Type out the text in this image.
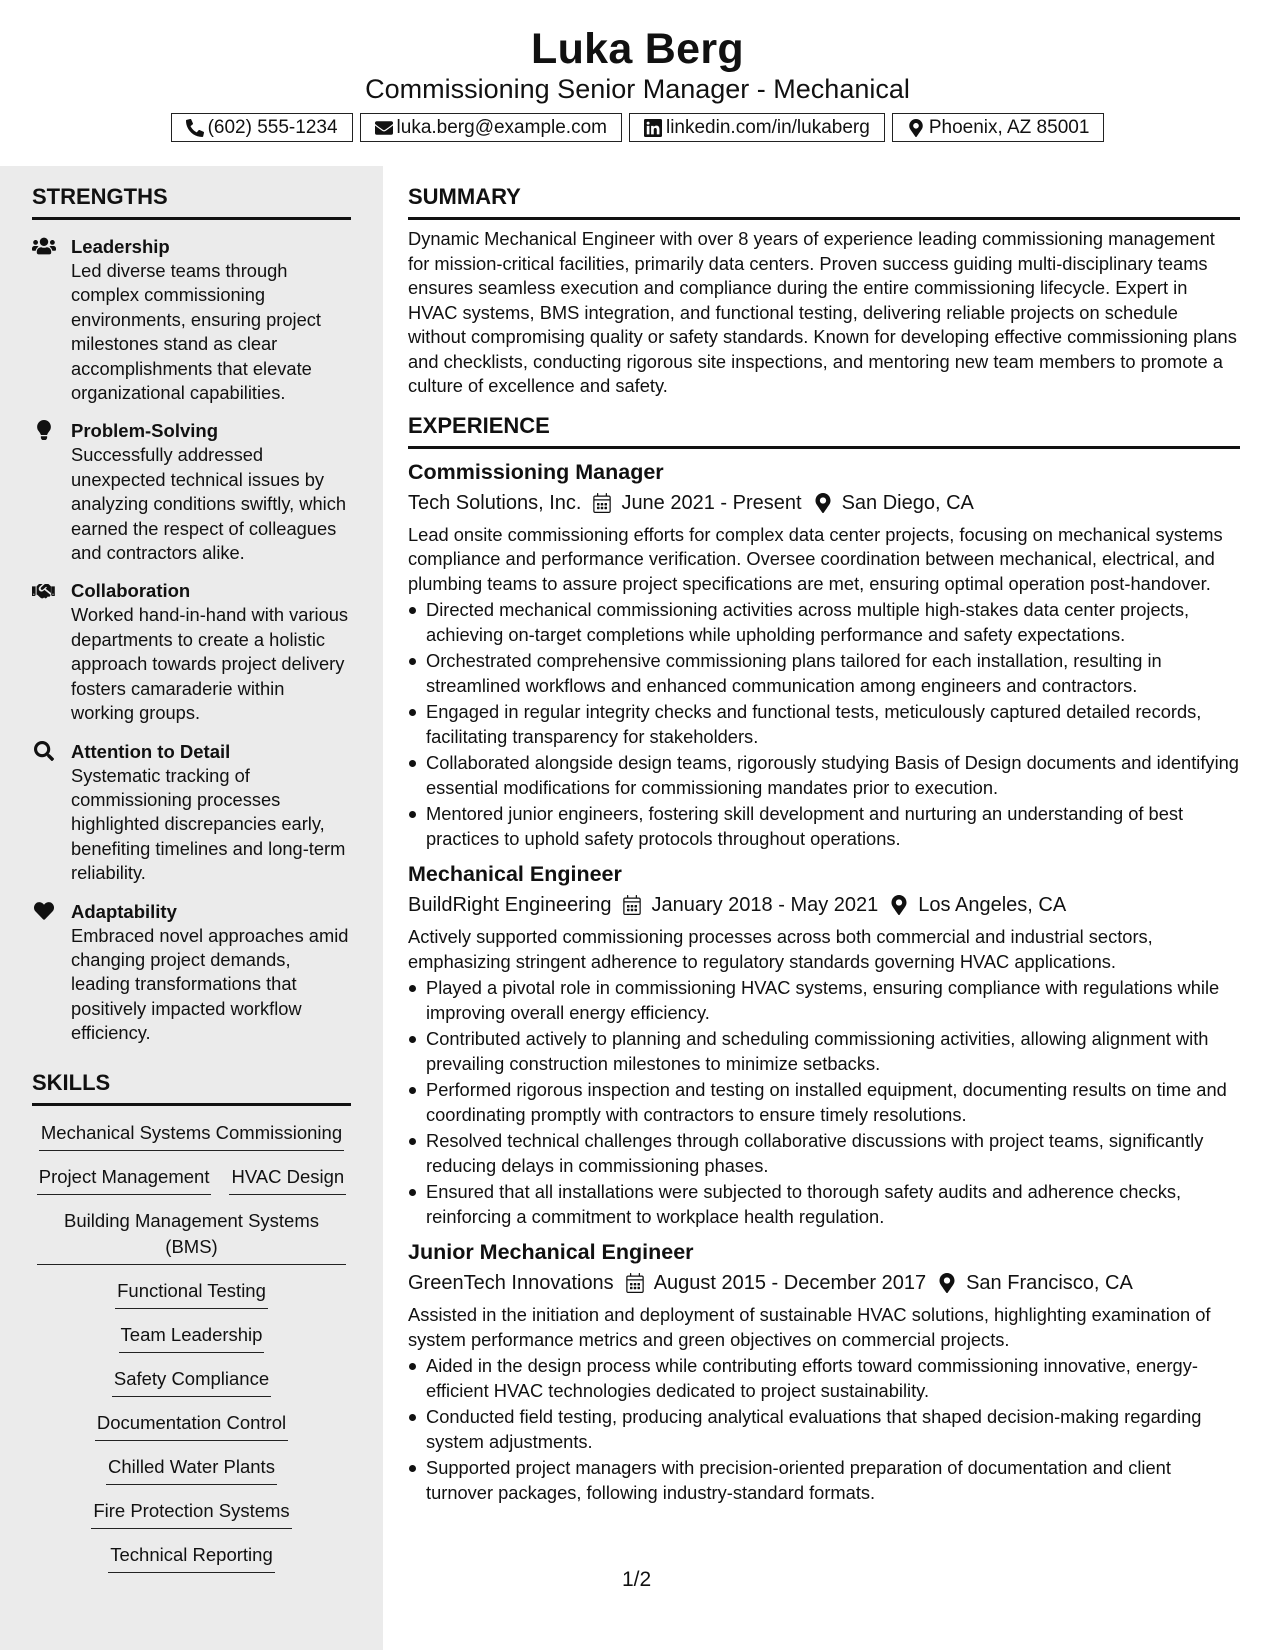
Luka Berg
Commissioning Senior Manager - Mechanical
(602) 555-1234	luka.berg@example.com	linkedin.com/in/lukaberg	Phoenix, AZ 85001
STRENGTHS
Leadership
Led diverse teams through complex commissioning environments, ensuring project milestones stand as clear accomplishments that elevate organizational capabilities.
Problem-Solving
Successfully addressed unexpected technical issues by analyzing conditions swiftly, which earned the respect of colleagues and contractors alike.
Collaboration
Worked hand-in-hand with various departments to create a holistic approach towards project delivery fosters camaraderie within working groups.
Attention to Detail
Systematic tracking of commissioning processes highlighted discrepancies early, benefiting timelines and long-term reliability.
Adaptability
Embraced novel approaches amid changing project demands, leading transformations that positively impacted workflow efficiency.
SKILLS
Mechanical Systems Commissioning
Project Management HVAC Design
Building Management Systems (BMS)
Functional Testing
Team Leadership
Safety Compliance
Documentation Control
Chilled Water Plants
Fire Protection Systems
Technical Reporting
SUMMARY
Dynamic Mechanical Engineer with over 8 years of experience leading commissioning management for mission-critical facilities, primarily data centers. Proven success guiding multi-disciplinary teams ensures seamless execution and compliance during the entire commissioning lifecycle. Expert in HVAC systems, BMS integration, and functional testing, delivering reliable projects on schedule without compromising quality or safety standards. Known for developing effective commissioning plans and checklists, conducting rigorous site inspections, and mentoring new team members to promote a culture of excellence and safety.
EXPERIENCE
Commissioning Manager
Tech Solutions, Inc. June 2021 - Present San Diego, CA
Lead onsite commissioning efforts for complex data center projects, focusing on mechanical systems compliance and performance verification. Oversee coordination between mechanical, electrical, and plumbing teams to assure project specifications are met, ensuring optimal operation post-handover.
Directed mechanical commissioning activities across multiple high-stakes data center projects, achieving on-target completions while upholding performance and safety expectations.
Orchestrated comprehensive commissioning plans tailored for each installation, resulting in streamlined workflows and enhanced communication among engineers and contractors.
Engaged in regular integrity checks and functional tests, meticulously captured detailed records, facilitating transparency for stakeholders.
Collaborated alongside design teams, rigorously studying Basis of Design documents and identifying essential modifications for commissioning mandates prior to execution.
Mentored junior engineers, fostering skill development and nurturing an understanding of best practices to uphold safety protocols throughout operations.
Mechanical Engineer
BuildRight Engineering January 2018 - May 2021 Los Angeles, CA
Actively supported commissioning processes across both commercial and industrial sectors, emphasizing stringent adherence to regulatory standards governing HVAC applications.
Played a pivotal role in commissioning HVAC systems, ensuring compliance with regulations while improving overall energy efficiency.
Contributed actively to planning and scheduling commissioning activities, allowing alignment with prevailing construction milestones to minimize setbacks.
Performed rigorous inspection and testing on installed equipment, documenting results on time and coordinating promptly with contractors to ensure timely resolutions.
Resolved technical challenges through collaborative discussions with project teams, significantly reducing delays in commissioning phases.
Ensured that all installations were subjected to thorough safety audits and adherence checks, reinforcing a commitment to workplace health regulation.
Junior Mechanical Engineer
GreenTech Innovations August 2015 - December 2017 San Francisco, CA
Assisted in the initiation and deployment of sustainable HVAC solutions, highlighting examination of system performance metrics and green objectives on commercial projects.
Aided in the design process while contributing efforts toward commissioning innovative, energy-efficient HVAC technologies dedicated to project sustainability.
Conducted field testing, producing analytical evaluations that shaped decision-making regarding system adjustments.
Supported project managers with precision-oriented preparation of documentation and client turnover packages, following industry-standard formats.
1/2
